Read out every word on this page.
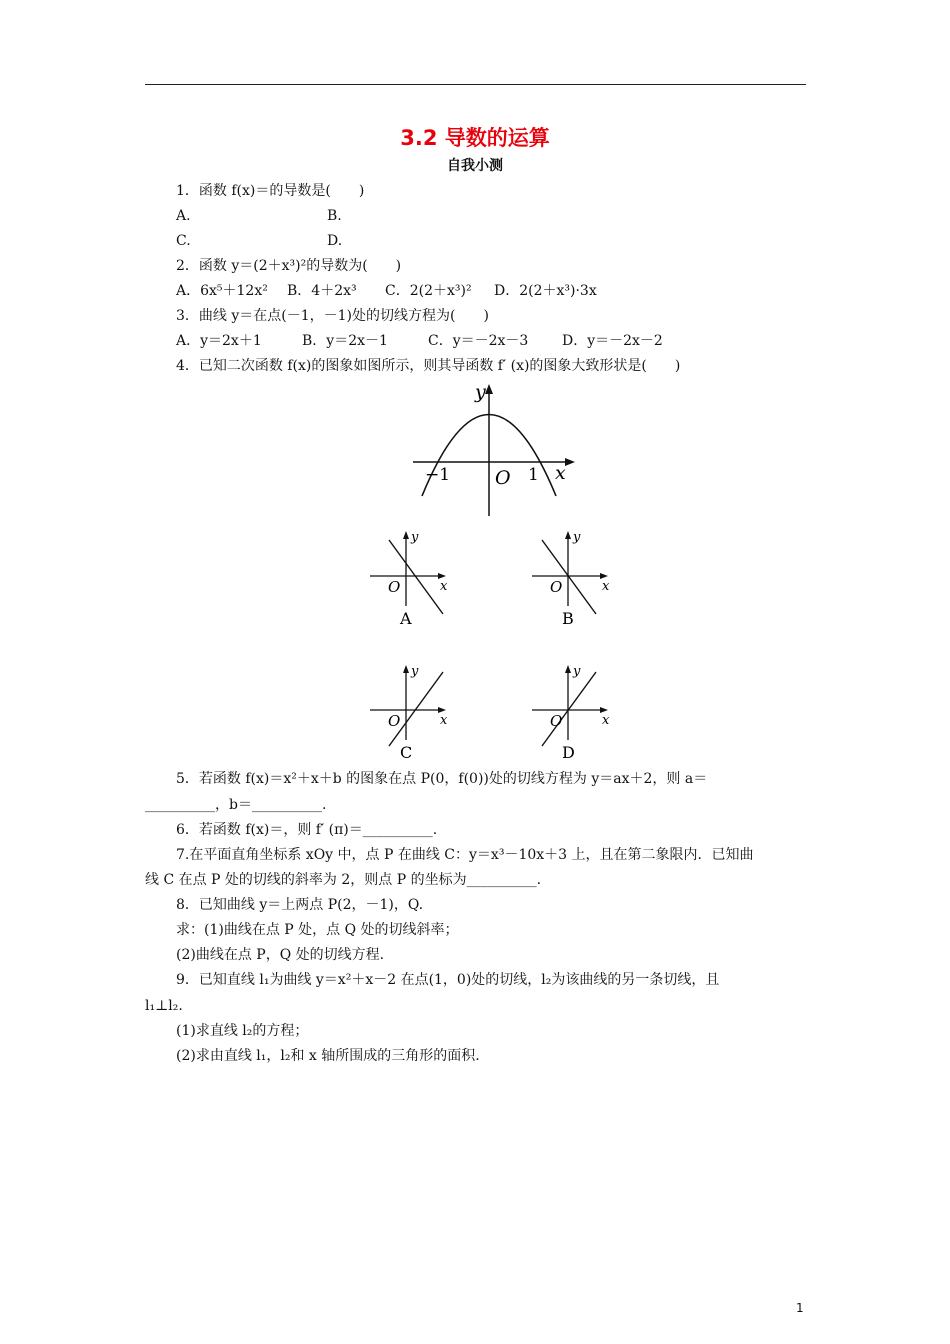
3.2 导数的运算
自我小测
1．函数 f(x)＝的导数是(　　)
A.	B.
C.	D.
2．函数 y＝(2＋x³)²的导数为(　　)
A．6x⁵＋12x² B．4＋2x³ C．2(2＋x³)² D．2(2＋x³)·3x
3．曲线 y＝在点(－1，－1)处的切线方程为(　　)
A．y＝2x＋1	B．y＝2x－1	C．y＝－2x－3 D．y＝－2x－2
4．已知二次函数 f(x)的图象如图所示，则其导函数 f′ (x)的图象大致形状是(　　)
y
x
O
−1	1
y
x
O
A
y
x
O
B
y
x
O
C
y
x
O
D
5．若函数 f(x)＝x²＋x＋b 的图象在点 P(0，f(0))处的切线方程为 y＝ax＋2，则 a＝
__________，b＝__________.
6．若函数 f(x)＝，则 f′ (π)＝__________.
7.在平面直角坐标系 xOy 中，点 P 在曲线 C：y＝x³－10x＋3 上，且在第二象限内．已知曲
线 C 在点 P 处的切线的斜率为 2，则点 P 的坐标为__________.
8．已知曲线 y＝上两点 P(2，－1)，Q.
求：(1)曲线在点 P 处，点 Q 处的切线斜率；
(2)曲线在点 P，Q 处的切线方程.
9．已知直线 l₁为曲线 y＝x²＋x－2 在点(1，0)处的切线，l₂为该曲线的另一条切线，且
l₁⊥l₂.
(1)求直线 l₂的方程；
(2)求由直线 l₁，l₂和 x 轴所围成的三角形的面积.
1
